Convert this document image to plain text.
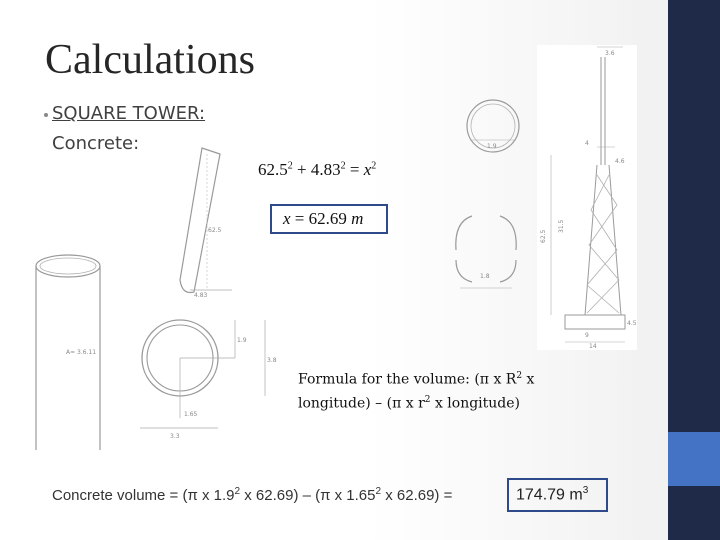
Calculations
SQUARE TOWER:
Concrete:
$62.5^2 + 4.83^2 = x^2$
x = 62.69 m
62.5
4.83
A= 3.6.11
1.9
1.65
3.8
3.3
1.9
1.8
3.6
4
4.6
62.5
31.5
9
14
4.5
Formula for the volume: (π x $R^2$ x
longitude) – (π x $r^2$ x longitude)
Concrete volume = (π x $1.9^2$ x 62.69) – (π x 1.65$^2$ x 62.69) =	174.79 $m^3$
